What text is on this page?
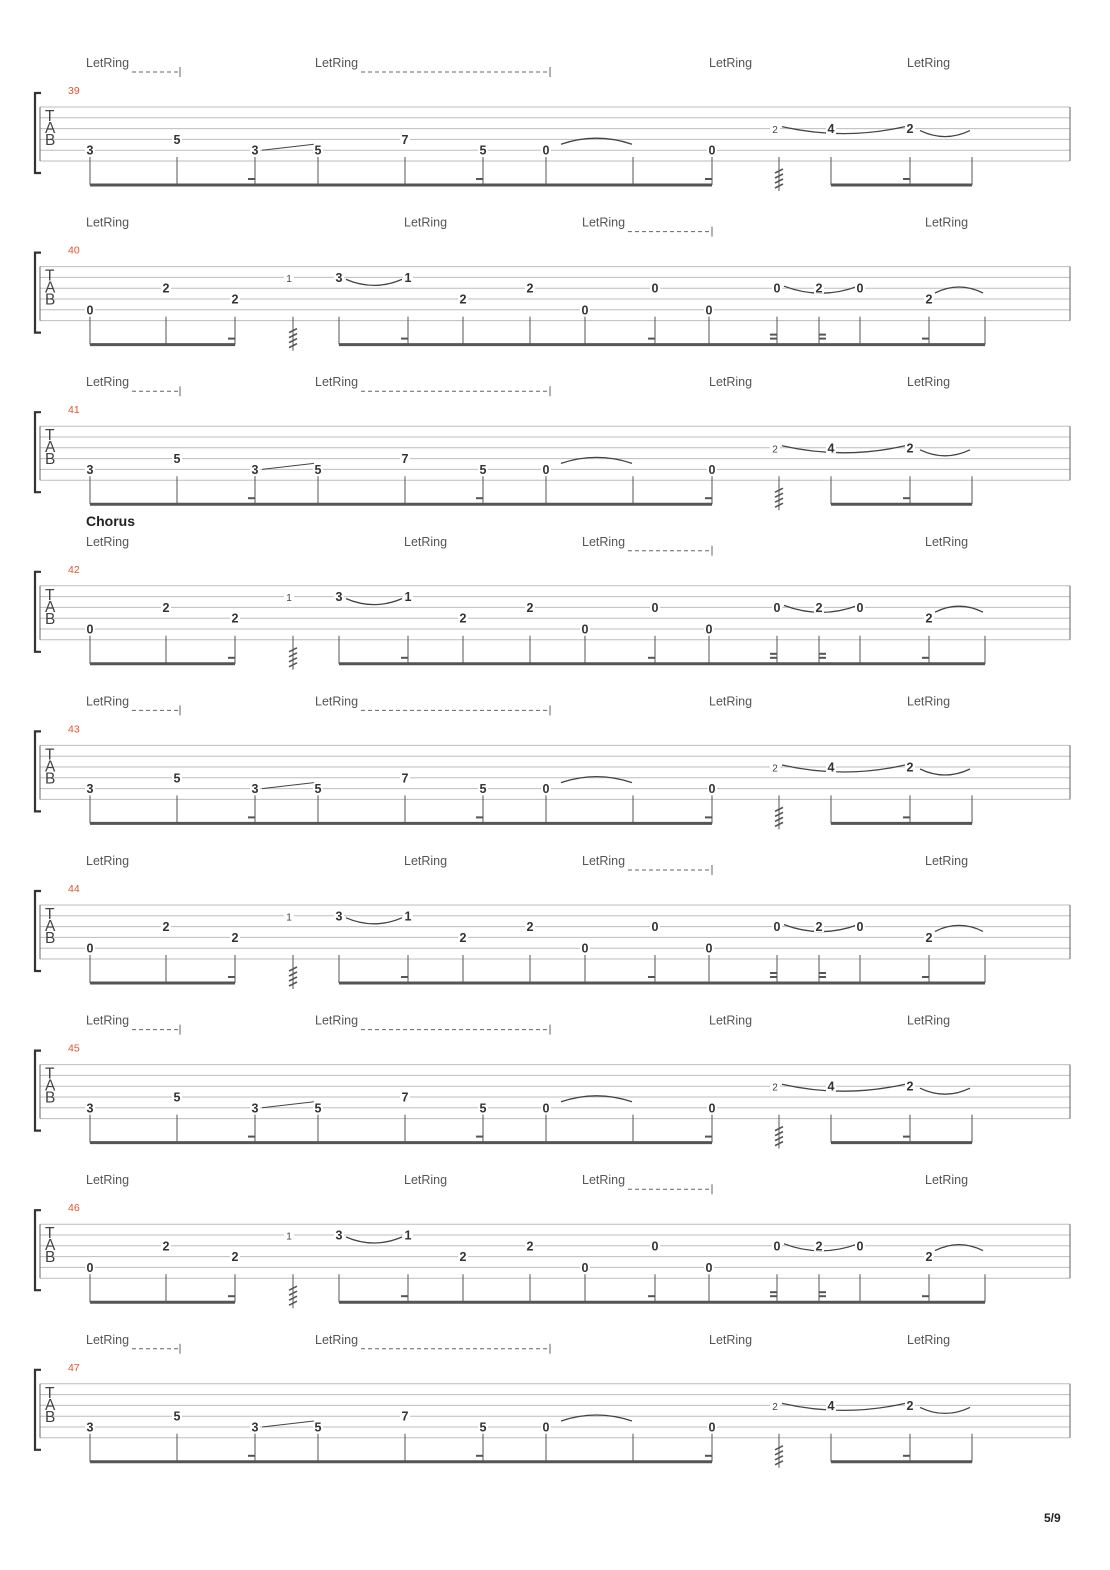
5/9
LetRing	LetRing	LetRing	LetRing
39
T
A
B
3
5
3	5
7
5	0	0
2	4	2
LetRing	LetRing	LetRing	LetRing
40
T
A
B
0
2
2
1	3	1
2
2
0
0
0
0	2	0
2
LetRing	LetRing	LetRing	LetRing
41
T
A
B
3
5
3	5
7
5	0	0
2	4	2
Chorus
LetRing	LetRing	LetRing	LetRing
42
T
A
B
0
2
2
1	3	1
2
2
0
0
0
0	2	0
2
LetRing	LetRing	LetRing	LetRing
43
T
A
B
3
5
3	5
7
5	0	0
2	4	2
LetRing	LetRing	LetRing	LetRing
44
T
A
B
0
2
2
1	3	1
2
2
0
0
0
0	2	0
2
LetRing	LetRing	LetRing	LetRing
45
T
A
B
3
5
3	5
7
5	0	0
2	4	2
LetRing	LetRing	LetRing	LetRing
46
T
A
B
0
2
2
1	3	1
2
2
0
0
0
0	2	0
2
LetRing	LetRing	LetRing	LetRing
47
T
A
B
3
5
3	5
7
5	0	0
2	4	2
